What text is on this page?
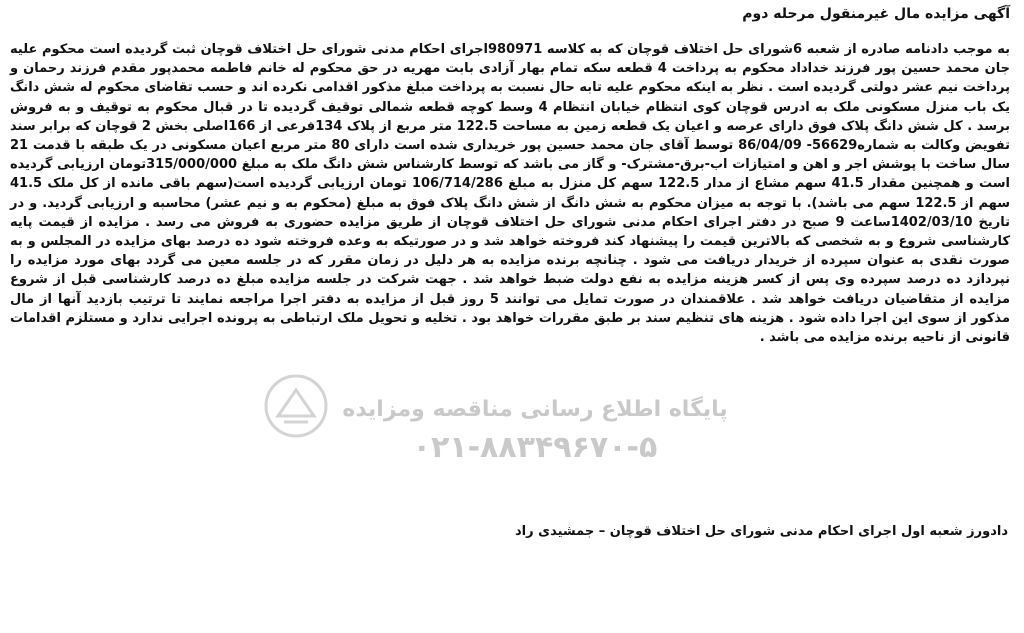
آگهی مزایده مال غیرمنقول مرحله دوم

به موجب دادنامه صادره از شعبه 6شورای حل اختلاف قوچان که به کلاسه 980971اجرای احکام مدنی شورای حل اختلاف قوچان ثبت گردیده است محکوم علیه جان محمد حسین پور فرزند خداداد محکوم به پرداخت 4 قطعه سکه تمام بهار آزادی بابت مهریه در حق محکوم له خانم فاطمه محمدپور مقدم فرزند رحمان و پرداخت نیم عشر دولتی گردیده است . نظر به اینکه محکوم علیه تابه حال نسبت به پرداخت مبلغ مذکور اقدامی نکرده اند و حسب تقاضای محکوم له شش دانگ یک باب منزل مسکونی ملک به ادرس قوچان کوی انتظام خیابان انتظام 4 وسط کوچه قطعه شمالی توقیف گردیده تا در قبال محکوم به توقیف و به فروش برسد . کل شش دانگ پلاک فوق دارای عرصه و اعیان یک قطعه زمین به مساحت 122.5 متر مربع از پلاک 134فرعی از 166اصلی بخش 2 قوچان که برابر سند تفویض وکالت به شماره56629- 86/04/09 توسط آقای جان محمد حسین پور خریداری شده است دارای 80 متر مربع اعیان مسکونی در یک طبقه با قدمت 21 سال ساخت با پوشش اجر و اهن و امتیازات اب-برق-مشترک- و گاز می باشد که توسط کارشناس شش دانگ ملک به مبلغ 315/000/000تومان ارزیابی گردیده است و همچنین مقدار 41.5 سهم مشاع از مدار 122.5 سهم کل منزل به مبلغ 106/714/286 تومان ارزیابی گردیده است(سهم باقی مانده از کل ملک 41.5 سهم از 122.5 سهم می باشد). با توجه به میزان محکوم به شش دانگ از شش دانگ پلاک فوق به مبلغ (محکوم به و نیم عشر) محاسبه و ارزیابی گردید. و در تاریخ 1402/03/10ساعت 9 صبح در دفتر اجرای احکام مدنی شورای حل اختلاف قوچان از طریق مزایده حضوری به فروش می رسد . مزایده از قیمت پایه کارشناسی شروع و به شخصی که بالاترین قیمت را پیشنهاد کند فروخته خواهد شد و در صورتیکه به وعده فروخته شود ده درصد بهای مزایده در المجلس و به صورت نقدی به عنوان سپرده از خریدار دریافت می شود . چنانچه برنده مزایده به هر دلیل در زمان مقرر که در جلسه معین می گردد بهای مورد مزایده را نپردازد ده درصد سپرده وی پس از کسر هزینه مزایده به نفع دولت ضبط خواهد شد . جهت شرکت در جلسه مزایده مبلغ ده درصد کارشناسی قبل از شروع مزایده از متقاضیان دریافت خواهد شد . علاقمندان در صورت تمایل می توانند 5 روز قبل از مزایده به دفتر اجرا مراجعه نمایند تا ترتیب بازدید آنها از مال مذکور از سوی این اجرا داده شود . هزینه های تنظیم سند بر طبق مقررات خواهد بود . تخلیه و تحویل ملک ارتباطی به پرونده اجرایی ندارد و مستلزم اقدامات قانونی از ناحیه برنده مزایده می باشد .

پایگاه اطلاع رسانی مناقصه ومزایده
۰۲۱-۸۸۳۴۹۶۷۰-۵
دادورز شعبه اول اجرای احکام مدنی شورای حل اختلاف قوچان – جمشیدی راد
